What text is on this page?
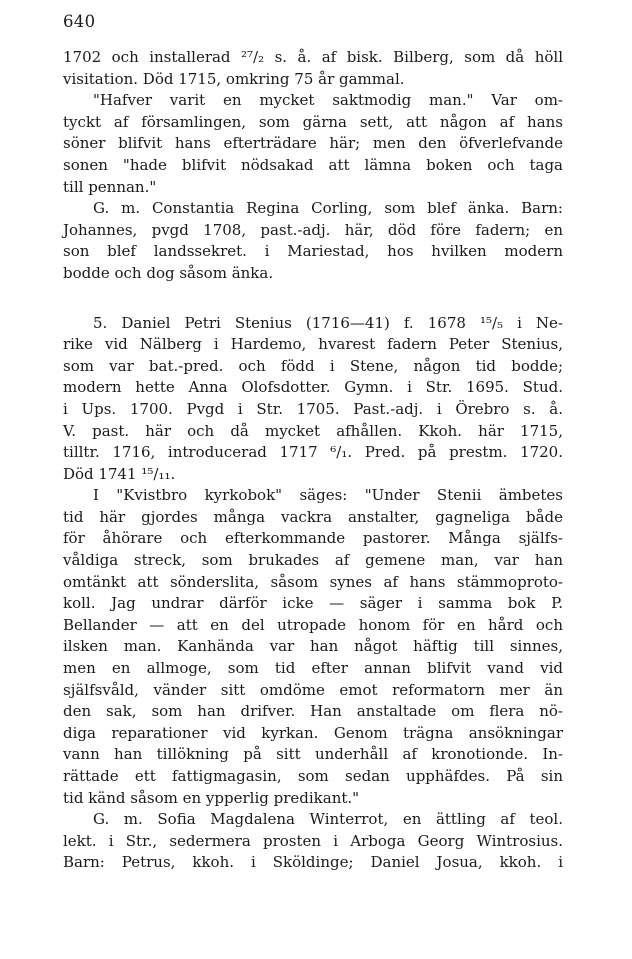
640
1702 och installerad ²⁷/₂ s. å. af bisk. Bilberg, som då höll
visitation. Död 1715, omkring 75 år gammal.
"Hafver varit en mycket saktmodig man." Var om-
tyckt af församlingen, som gärna sett, att någon af hans
söner blifvit hans efterträdare här; men den öfverlefvande
sonen "hade blifvit nödsakad att lämna boken och taga
till pennan."
G. m. Constantia Regina Corling, som blef änka. Barn:
Johannes, pvgd 1708, past.-adj. här, död före fadern; en
son blef landssekret. i Mariestad, hos hvilken modern
bodde och dog såsom änka.
5. Daniel Petri Stenius (1716—41) f. 1678 ¹⁵/₅ i Ne-
rike vid Nälberg i Hardemo, hvarest fadern Peter Stenius,
som var bat.-pred. och född i Stene, någon tid bodde;
modern hette Anna Olofsdotter. Gymn. i Str. 1695. Stud.
i Ups. 1700. Pvgd i Str. 1705. Past.-adj. i Örebro s. å.
V. past. här och då mycket afhållen. Kkoh. här 1715,
tilltr. 1716, introducerad 1717 ⁶/₁. Pred. på prestm. 1720.
Död 1741 ¹⁵/₁₁.
I "Kvistbro kyrkobok" säges: "Under Stenii ämbetes
tid här gjordes många vackra anstalter, gagneliga både
för åhörare och efterkommande pastorer. Många själfs-
våldiga streck, som brukades af gemene man, var han
omtänkt att sönderslita, såsom synes af hans stämmoproto-
koll. Jag undrar därför icke — säger i samma bok P.
Bellander — att en del utropade honom för en hård och
ilsken man. Kanhända var han något häftig till sinnes,
men en allmoge, som tid efter annan blifvit vand vid
själfsvåld, vänder sitt omdöme emot reformatorn mer än
den sak, som han drifver. Han anstaltade om flera nö-
diga reparationer vid kyrkan. Genom trägna ansökningar
vann han tillökning på sitt underhåll af kronotionde. In-
rättade ett fattigmagasin, som sedan upphäfdes. På sin
tid känd såsom en ypperlig predikant."
G. m. Sofia Magdalena Winterrot, en ättling af teol.
lekt. i Str., sedermera prosten i Arboga Georg Wintrosius.
Barn: Petrus, kkoh. i Sköldinge; Daniel Josua, kkoh. i
